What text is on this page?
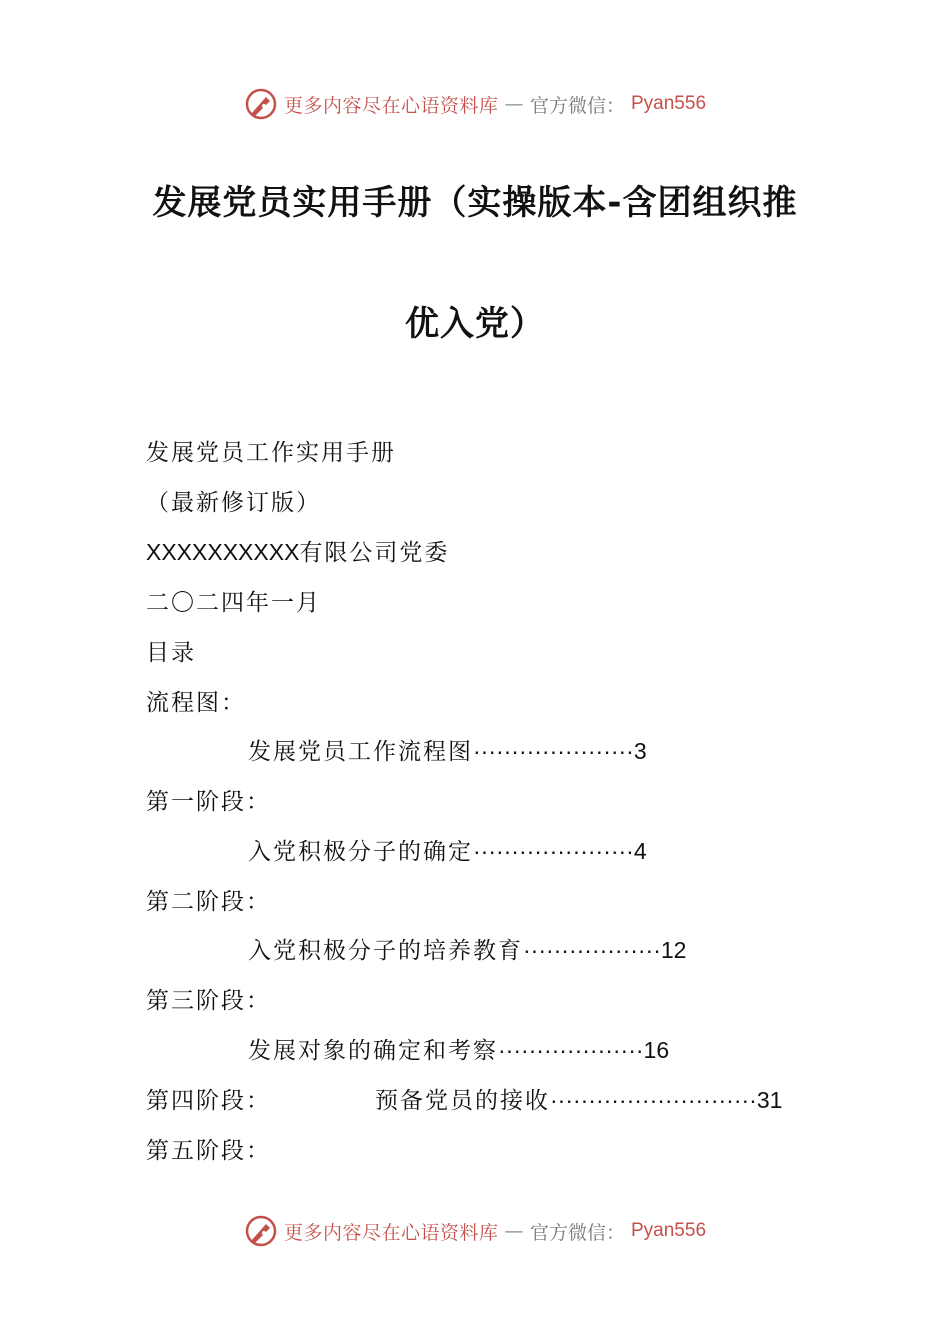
更多内容尽在心语资料库 — 官方微信： Pyan556
发展党员实用手册（实操版本-含团组织推
优入党）
发展党员工作实用手册
（最新修订版）
XXXXXXXXXX有限公司党委
二〇二四年一月
目录
流程图：
发展党员工作流程图·····················3
第一阶段：
入党积极分子的确定·····················4
第二阶段：
入党积极分子的培养教育··················12
第三阶段：
发展对象的确定和考察···················16
第四阶段：	预备党员的接收···························31
第五阶段：
更多内容尽在心语资料库 — 官方微信： Pyan556
